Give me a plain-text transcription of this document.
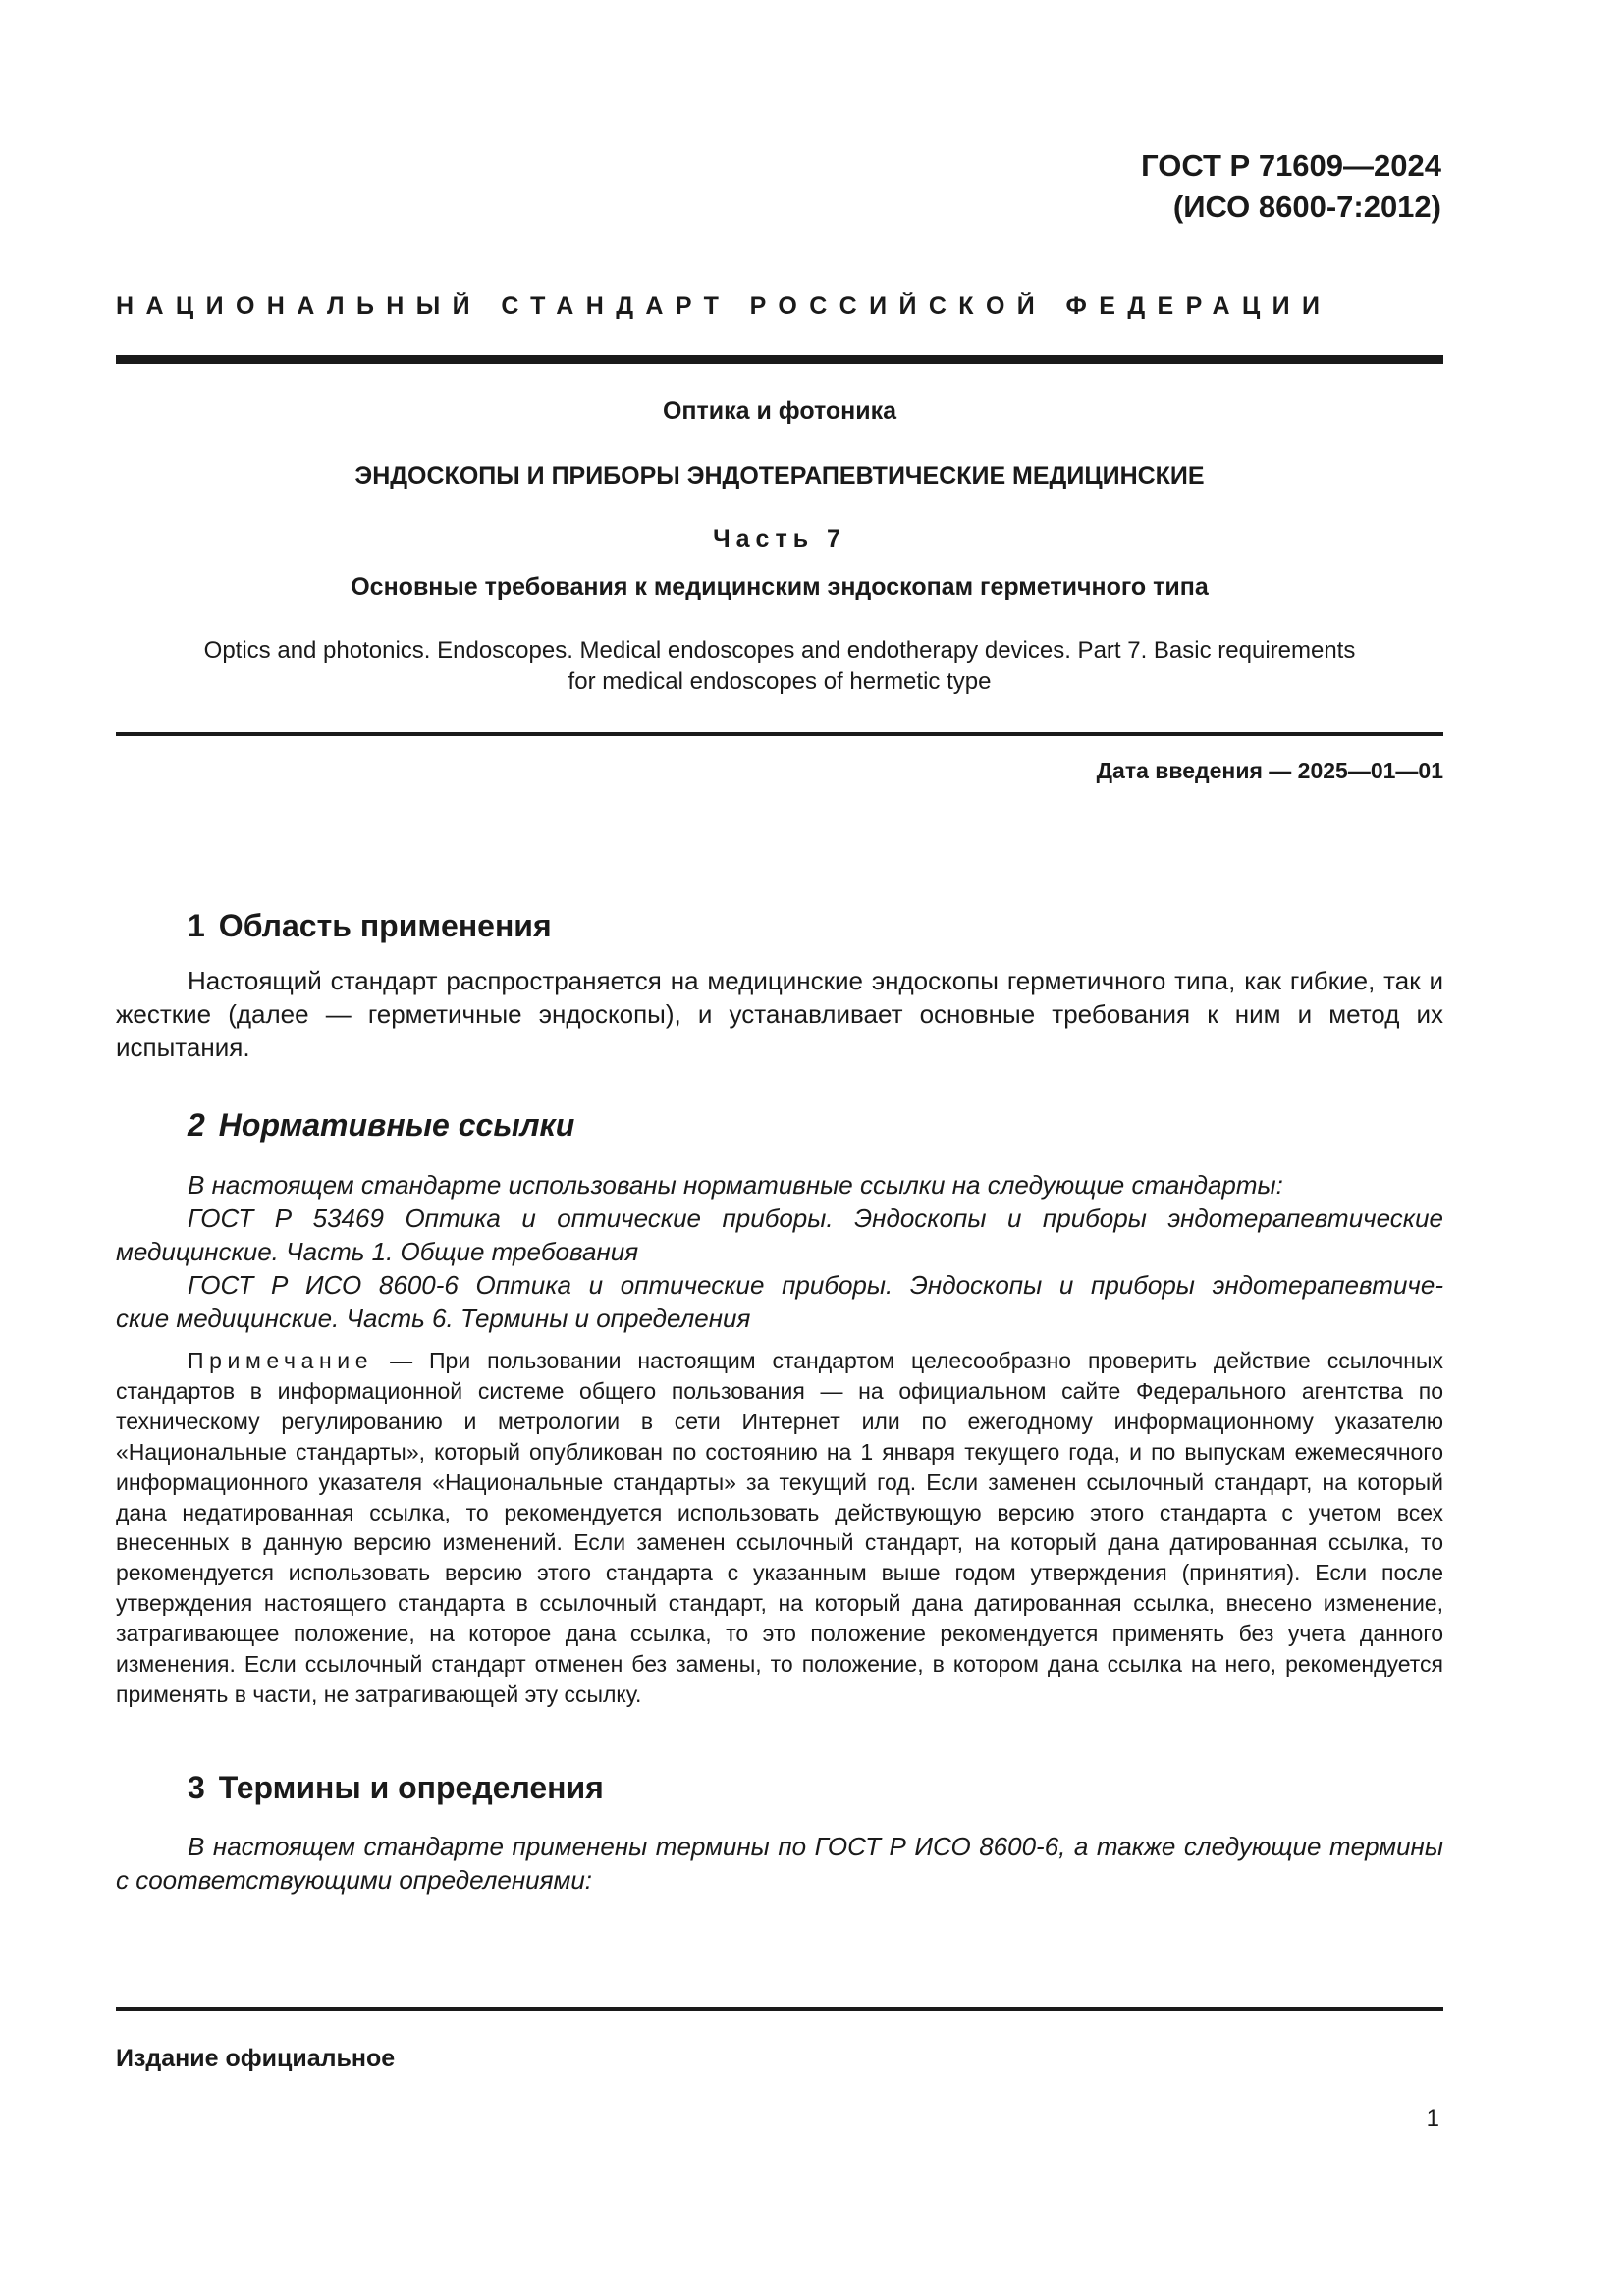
ГОСТ Р 71609—2024
(ИСО 8600-7:2012)
НАЦИОНАЛЬНЫЙ СТАНДАРТ РОССИЙСКОЙ ФЕДЕРАЦИИ
Оптика и фотоника
ЭНДОСКОПЫ И ПРИБОРЫ ЭНДОТЕРАПЕВТИЧЕСКИЕ МЕДИЦИНСКИЕ
Часть 7
Основные требования к медицинским эндоскопам герметичного типа
Optics and photonics. Endoscopes. Medical endoscopes and endotherapy devices. Part 7. Basic requirements
for medical endoscopes of hermetic type
Дата введения — 2025—01—01
1 Область применения

Настоящий стандарт распространяется на медицинские эндоскопы герметичного типа, как гибкие, так и жесткие (далее — герметичные эндоскопы), и устанавливает основные требования к ним и метод их испытания.

2 Нормативные ссылки
В настоящем стандарте использованы нормативные ссылки на следующие стандарты:
ГОСТ Р 53469 Оптика и оптические приборы. Эндоскопы и приборы эндотерапевтические
медицинские. Часть 1. Общие требования
ГОСТ Р ИСО 8600-6 Оптика и оптические приборы. Эндоскопы и приборы эндотерапевтиче-
ские медицинские. Часть 6. Термины и определения

Примечание — При пользовании настоящим стандартом целесообразно проверить действие ссылочных стандартов в информационной системе общего пользования — на официальном сайте Федерального агентства по техническому регулированию и метрологии в сети Интернет или по ежегодному информационному указателю «Национальные стандарты», который опубликован по состоянию на 1 января текущего года, и по выпускам ежемесячного информационного указателя «Национальные стандарты» за текущий год. Если заменен ссылочный стандарт, на который дана недатированная ссылка, то рекомендуется использовать действующую версию этого стандарта с учетом всех внесенных в данную версию изменений. Если заменен ссылочный стандарт, на который дана датированная ссылка, то рекомендуется использовать версию этого стандарта с указанным выше годом утверждения (принятия). Если после утверждения настоящего стандарта в ссылочный стандарт, на который дана датированная ссылка, внесено изменение, затрагивающее положение, на которое дана ссылка, то это положение рекомендуется применять без учета данного изменения. Если ссылочный стандарт отменен без замены, то положение, в котором дана ссылка на него, рекомендуется применять в части, не затрагивающей эту ссылку.

3 Термины и определения

В настоящем стандарте применены термины по ГОСТ Р ИСО 8600-6, а также следующие термины с соответствующими определениями:

Издание официальное
1
